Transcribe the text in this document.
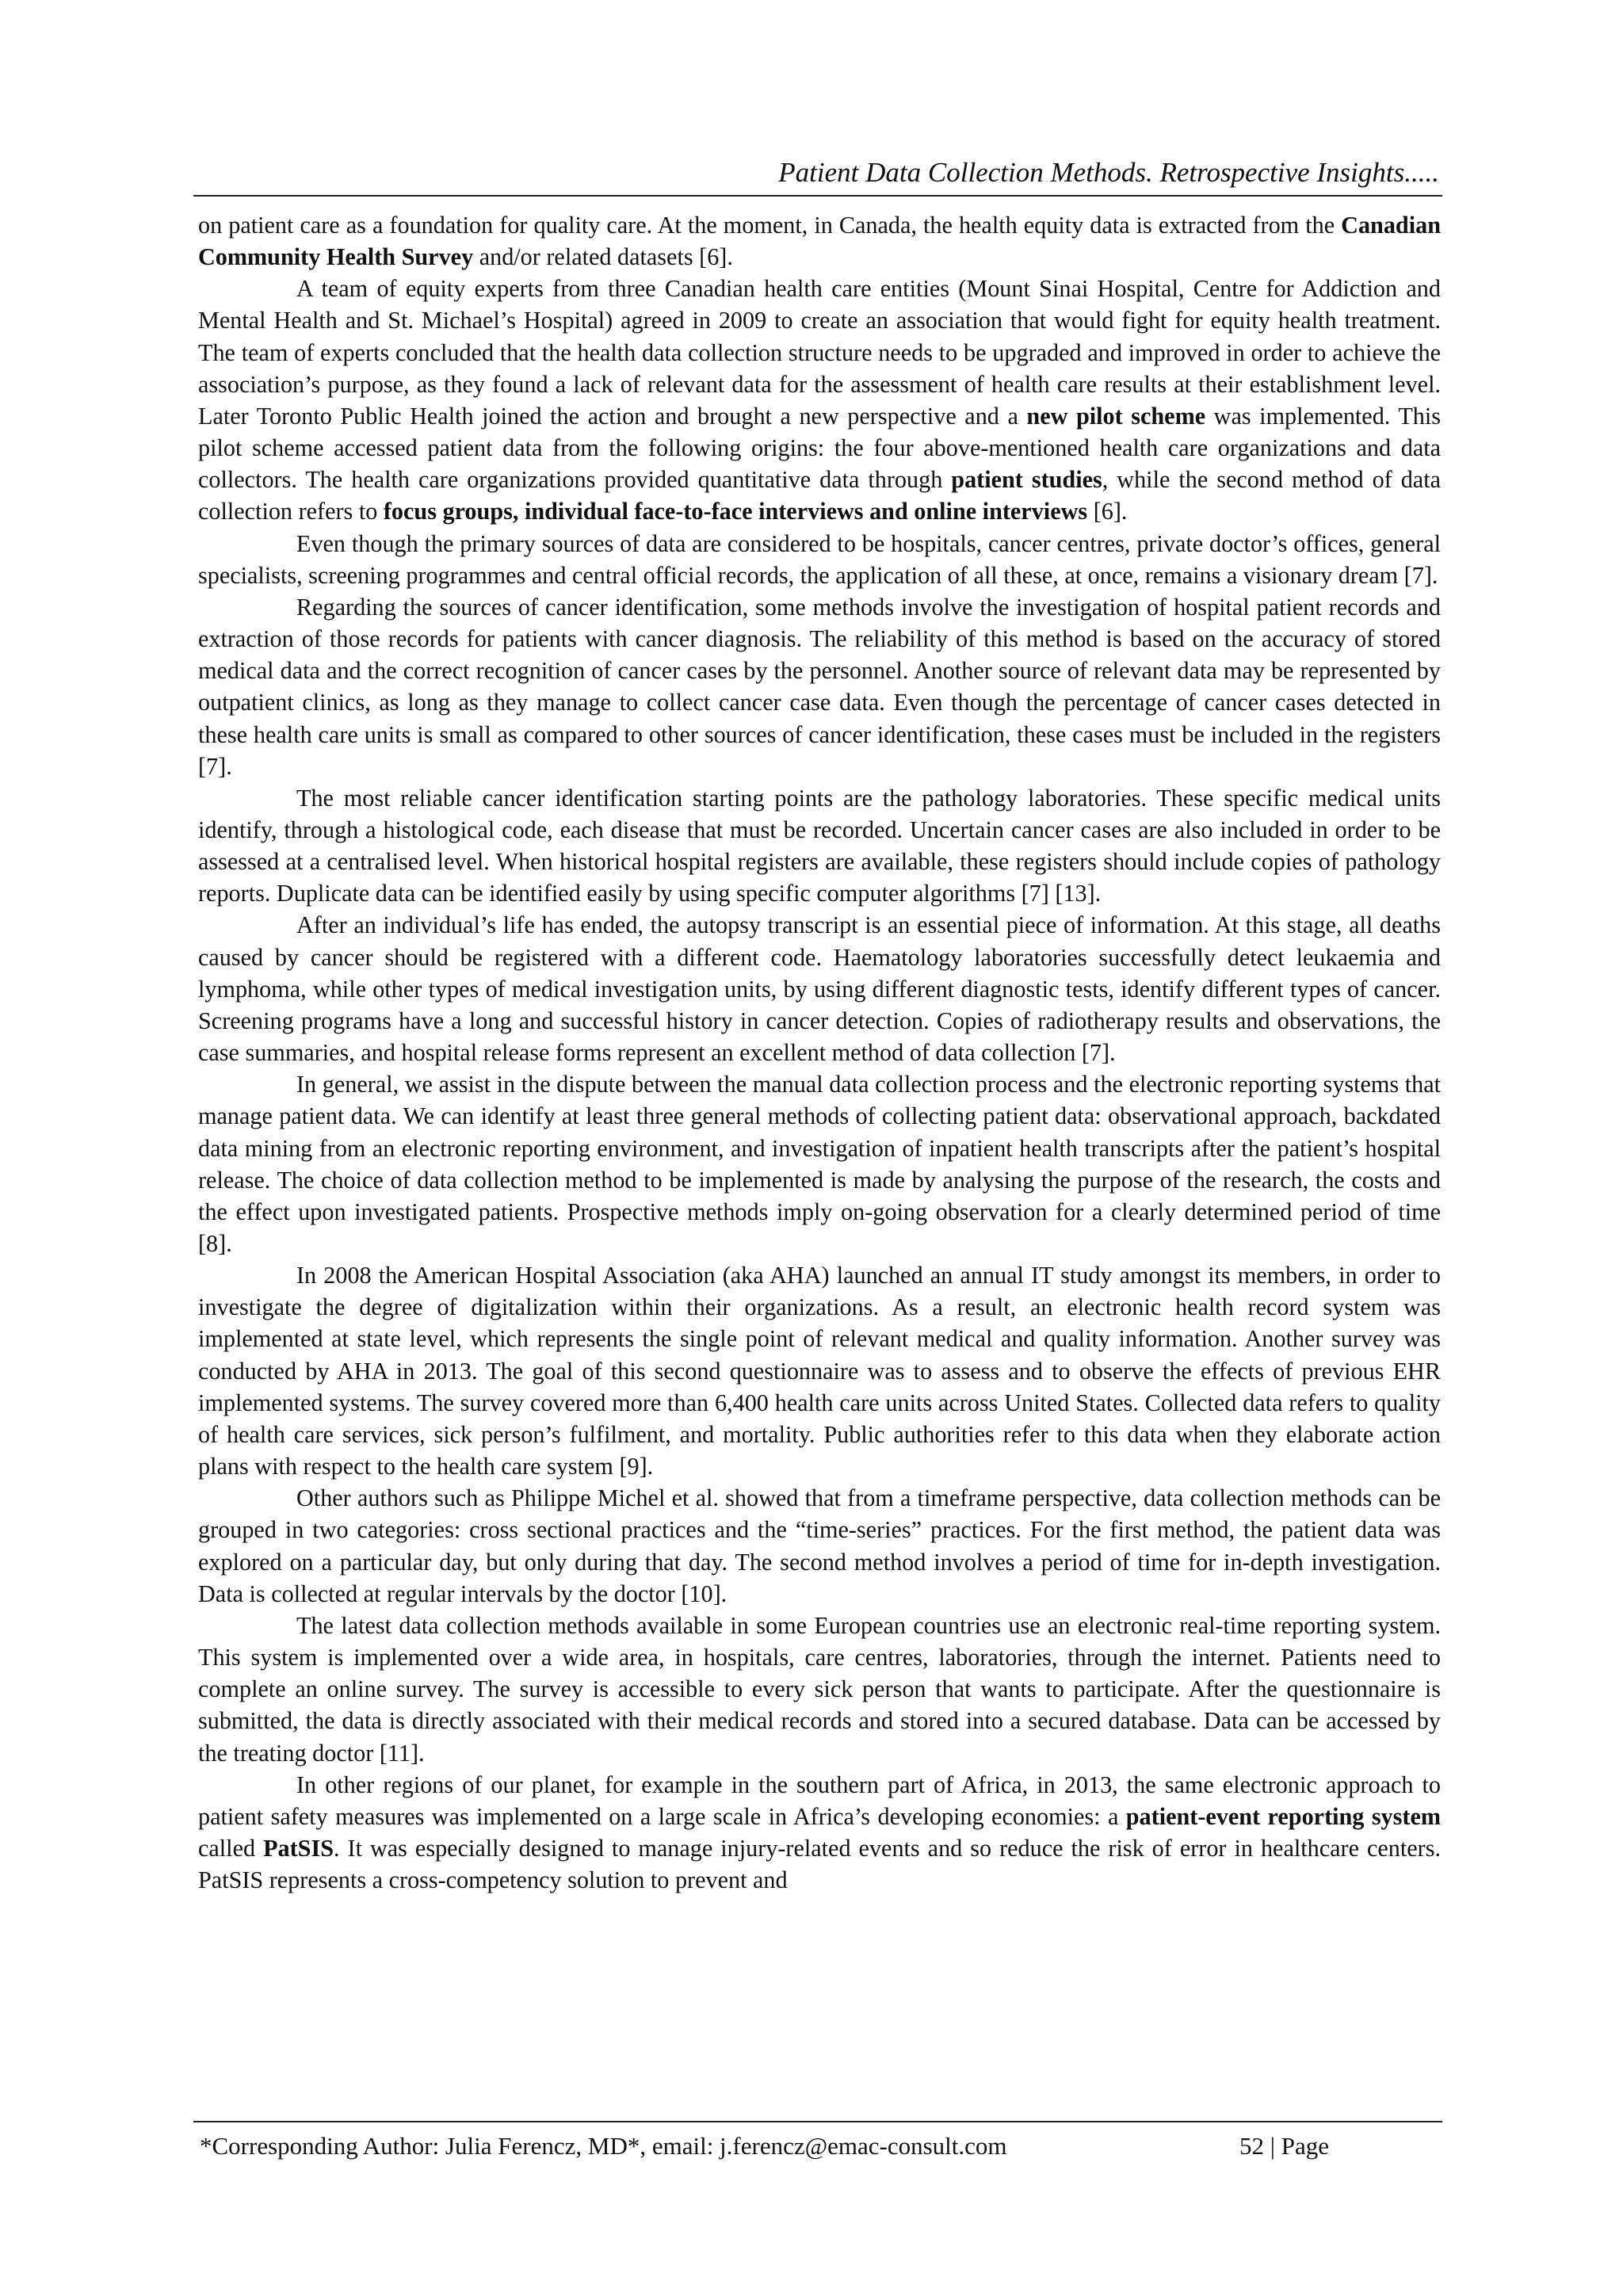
Patient Data Collection Methods. Retrospective Insights.....

on patient care as a foundation for quality care. At the moment, in Canada, the health equity data is extracted from the Canadian Community Health Survey and/or related datasets [6].

A team of equity experts from three Canadian health care entities (Mount Sinai Hospital, Centre for Addiction and Mental Health and St. Michael’s Hospital) agreed in 2009 to create an association that would fight for equity health treatment. The team of experts concluded that the health data collection structure needs to be upgraded and improved in order to achieve the association’s purpose, as they found a lack of relevant data for the assessment of health care results at their establishment level. Later Toronto Public Health joined the action and brought a new perspective and a new pilot scheme was implemented. This pilot scheme accessed patient data from the following origins: the four above-mentioned health care organizations and data collectors. The health care organizations provided quantitative data through patient studies, while the second method of data collection refers to focus groups, individual face-to-face interviews and online interviews [6].

Even though the primary sources of data are considered to be hospitals, cancer centres, private doctor’s offices, general specialists, screening programmes and central official records, the application of all these, at once, remains a visionary dream [7].

Regarding the sources of cancer identification, some methods involve the investigation of hospital patient records and extraction of those records for patients with cancer diagnosis. The reliability of this method is based on the accuracy of stored medical data and the correct recognition of cancer cases by the personnel. Another source of relevant data may be represented by outpatient clinics, as long as they manage to collect cancer case data. Even though the percentage of cancer cases detected in these health care units is small as compared to other sources of cancer identification, these cases must be included in the registers [7].

The most reliable cancer identification starting points are the pathology laboratories. These specific medical units identify, through a histological code, each disease that must be recorded. Uncertain cancer cases are also included in order to be assessed at a centralised level. When historical hospital registers are available, these registers should include copies of pathology reports. Duplicate data can be identified easily by using specific computer algorithms [7] [13].

After an individual’s life has ended, the autopsy transcript is an essential piece of information. At this stage, all deaths caused by cancer should be registered with a different code. Haematology laboratories successfully detect leukaemia and lymphoma, while other types of medical investigation units, by using different diagnostic tests, identify different types of cancer. Screening programs have a long and successful history in cancer detection. Copies of radiotherapy results and observations, the case summaries, and hospital release forms represent an excellent method of data collection [7].

In general, we assist in the dispute between the manual data collection process and the electronic reporting systems that manage patient data. We can identify at least three general methods of collecting patient data: observational approach, backdated data mining from an electronic reporting environment, and investigation of inpatient health transcripts after the patient’s hospital release. The choice of data collection method to be implemented is made by analysing the purpose of the research, the costs and the effect upon investigated patients. Prospective methods imply on-going observation for a clearly determined period of time [8].

In 2008 the American Hospital Association (aka AHA) launched an annual IT study amongst its members, in order to investigate the degree of digitalization within their organizations. As a result, an electronic health record system was implemented at state level, which represents the single point of relevant medical and quality information. Another survey was conducted by AHA in 2013. The goal of this second questionnaire was to assess and to observe the effects of previous EHR implemented systems. The survey covered more than 6,400 health care units across United States. Collected data refers to quality of health care services, sick person’s fulfilment, and mortality. Public authorities refer to this data when they elaborate action plans with respect to the health care system [9].

Other authors such as Philippe Michel et al. showed that from a timeframe perspective, data collection methods can be grouped in two categories: cross sectional practices and the “time-series” practices. For the first method, the patient data was explored on a particular day, but only during that day. The second method involves a period of time for in-depth investigation. Data is collected at regular intervals by the doctor [10].

The latest data collection methods available in some European countries use an electronic real-time reporting system. This system is implemented over a wide area, in hospitals, care centres, laboratories, through the internet. Patients need to complete an online survey. The survey is accessible to every sick person that wants to participate. After the questionnaire is submitted, the data is directly associated with their medical records and stored into a secured database. Data can be accessed by the treating doctor [11].

In other regions of our planet, for example in the southern part of Africa, in 2013, the same electronic approach to patient safety measures was implemented on a large scale in Africa’s developing economies: a patient-event reporting system called PatSIS. It was especially designed to manage injury-related events and so reduce the risk of error in healthcare centers. PatSIS represents a cross-competency solution to prevent and

*Corresponding Author: Julia Ferencz, MD*, email: j.ferencz@emac-consult.com	52 | Page
